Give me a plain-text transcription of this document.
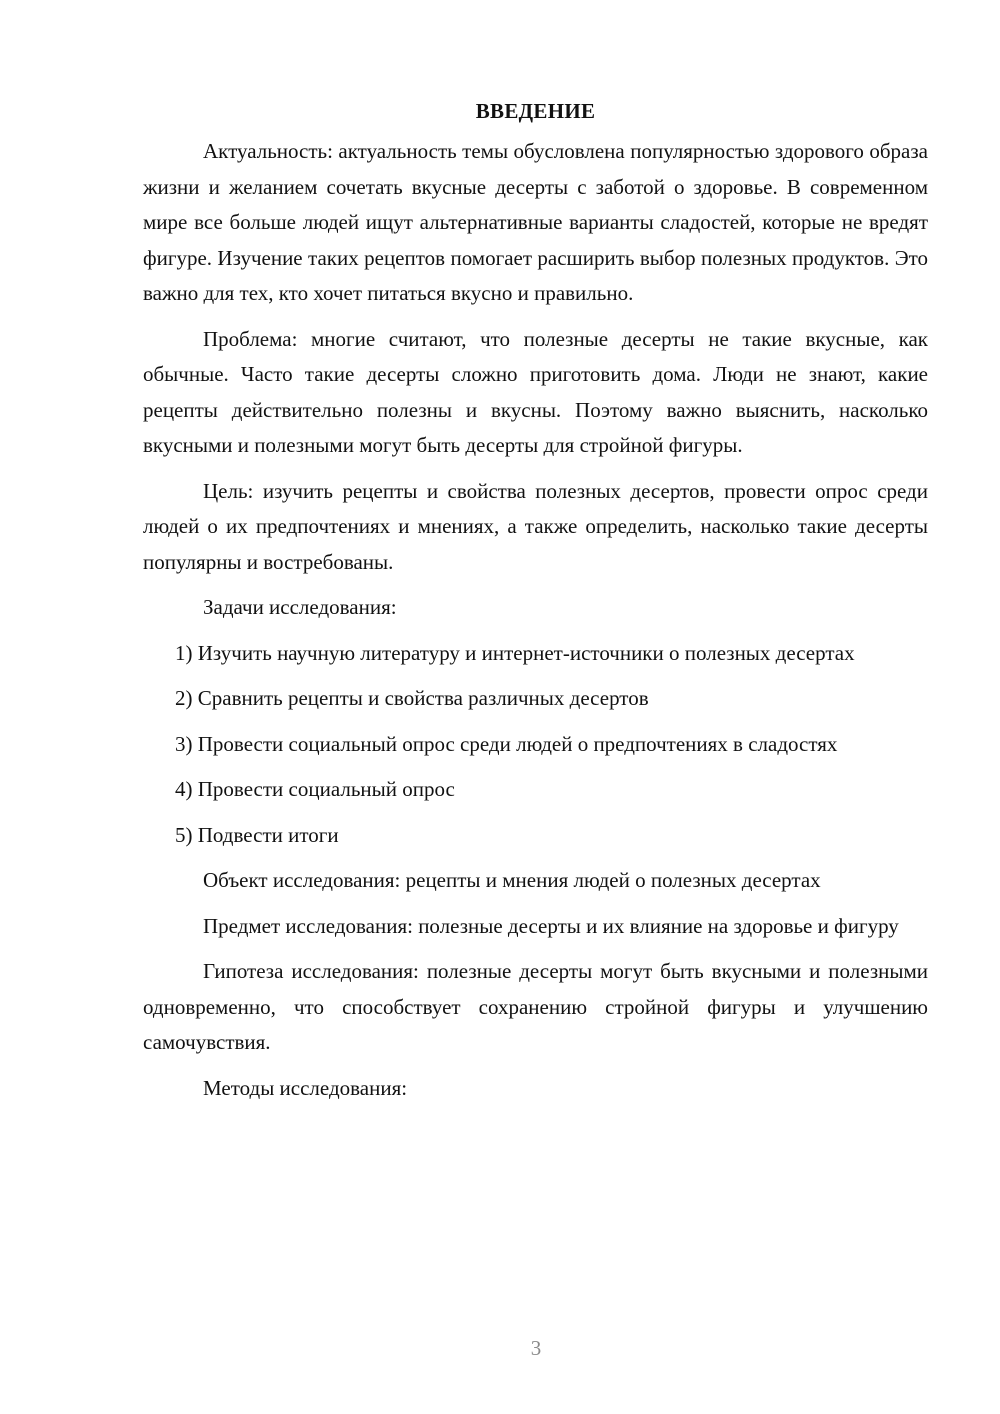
ВВЕДЕНИЕ

Актуальность: актуальность темы обусловлена популярностью здорового образа жизни и желанием сочетать вкусные десерты с заботой о здоровье. В современном мире все больше людей ищут альтернативные варианты сладостей, которые не вредят фигуре. Изучение таких рецептов помогает расширить выбор полезных продуктов. Это важно для тех, кто хочет питаться вкусно и правильно.

Проблема: многие считают, что полезные десерты не такие вкусные, как обычные. Часто такие десерты сложно приготовить дома. Люди не знают, какие рецепты действительно полезны и вкусны. Поэтому важно выяснить, насколько вкусными и полезными могут быть десерты для стройной фигуры.

Цель: изучить рецепты и свойства полезных десертов, провести опрос среди людей о их предпочтениях и мнениях, а также определить, насколько такие десерты популярны и востребованы.

Задачи исследования:

1) Изучить научную литературу и интернет-источники о полезных десертах

2) Сравнить рецепты и свойства различных десертов

3) Провести социальный опрос среди людей о предпочтениях в сладостях

4) Провести социальный опрос

5) Подвести итоги

Объект исследования: рецепты и мнения людей о полезных десертах

Предмет исследования: полезные десерты и их влияние на здоровье и фигуру

Гипотеза исследования: полезные десерты могут быть вкусными и полезными одновременно, что способствует сохранению стройной фигуры и улучшению самочувствия.

Методы исследования:

3
